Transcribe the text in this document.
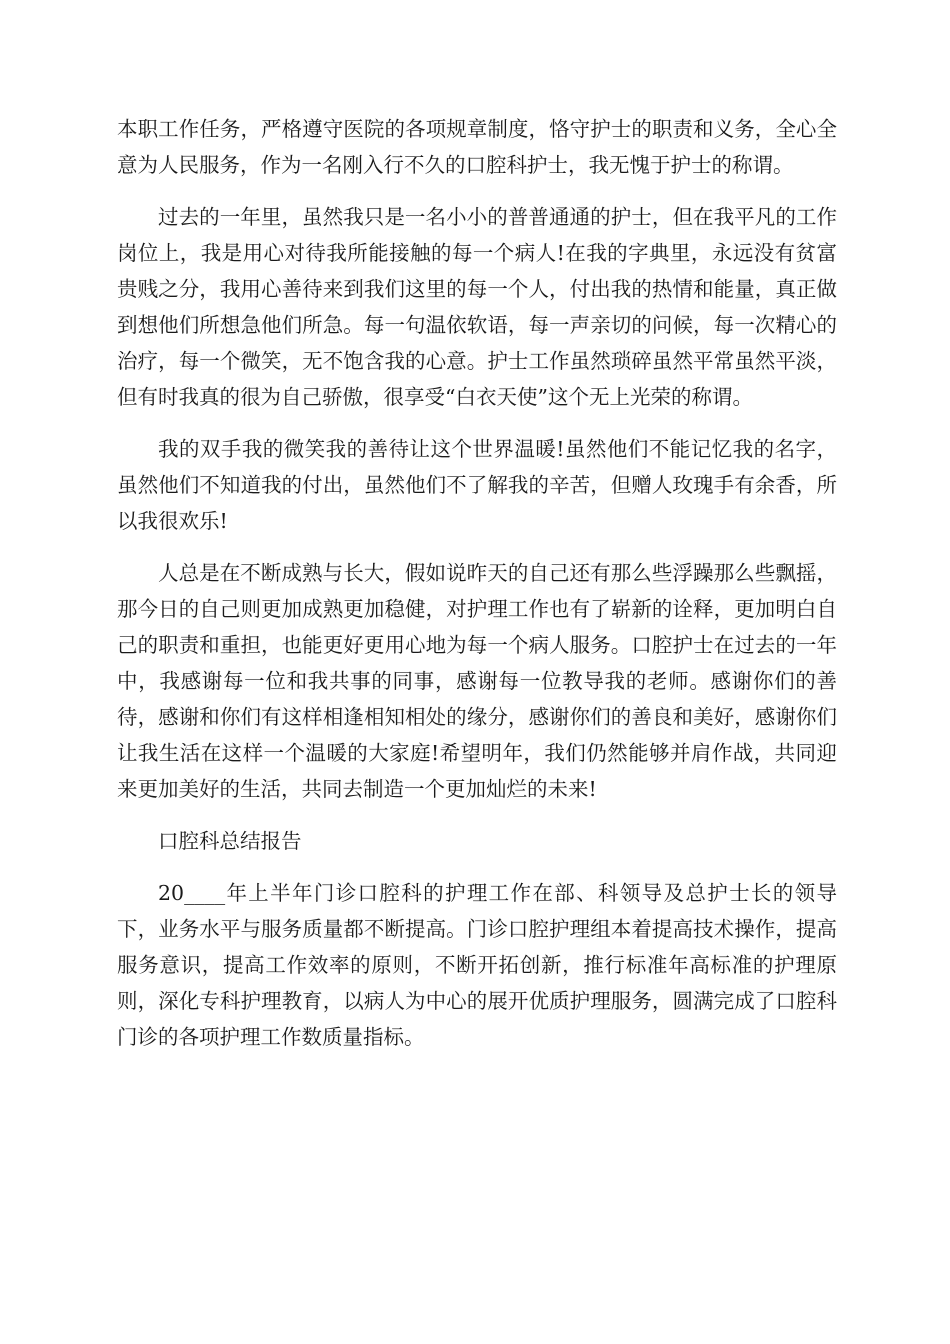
本职工作任务，严格遵守医院的各项规章制度，恪守护士的职责和义务，全心全意为人民服务，作为一名刚入行不久的口腔科护士，我无愧于护士的称谓。

过去的一年里，虽然我只是一名小小的普普通通的护士，但在我平凡的工作岗位上，我是用心对待我所能接触的每一个病人!在我的字典里，永远没有贫富贵贱之分，我用心善待来到我们这里的每一个人，付出我的热情和能量，真正做到想他们所想急他们所急。每一句温依软语，每一声亲切的问候，每一次精心的治疗，每一个微笑，无不饱含我的心意。护士工作虽然琐碎虽然平常虽然平淡，但有时我真的很为自己骄傲，很享受“白衣天使”这个无上光荣的称谓。

我的双手我的微笑我的善待让这个世界温暖!虽然他们不能记忆我的名字，虽然他们不知道我的付出，虽然他们不了解我的辛苦，但赠人玫瑰手有余香，所以我很欢乐!

人总是在不断成熟与长大，假如说昨天的自己还有那么些浮躁那么些飘摇，那今日的自己则更加成熟更加稳健，对护理工作也有了崭新的诠释，更加明白自己的职责和重担，也能更好更用心地为每一个病人服务。口腔护士在过去的一年中，我感谢每一位和我共事的同事，感谢每一位教导我的老师。感谢你们的善待，感谢和你们有这样相逢相知相处的缘分，感谢你们的善良和美好，感谢你们让我生活在这样一个温暖的大家庭!希望明年，我们仍然能够并肩作战，共同迎来更加美好的生活，共同去制造一个更加灿烂的未来!

口腔科总结报告

20____年上半年门诊口腔科的护理工作在部、科领导及总护士长的领导下，业务水平与服务质量都不断提高。门诊口腔护理组本着提高技术操作，提高服务意识，提高工作效率的原则，不断开拓创新，推行标准年高标准的护理原则，深化专科护理教育，以病人为中心的展开优质护理服务，圆满完成了口腔科门诊的各项护理工作数质量指标。
